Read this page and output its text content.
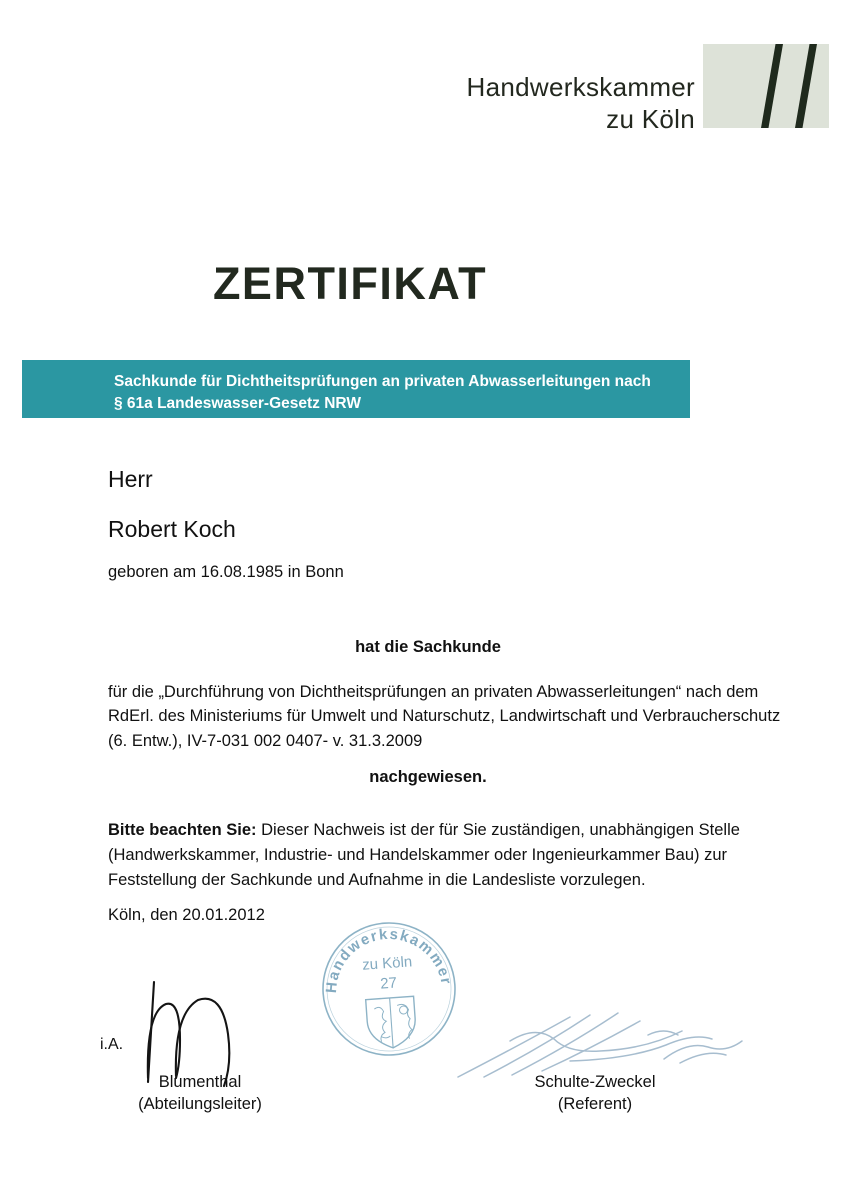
Handwerkskammer
zu Köln
ZERTIFIKAT
Sachkunde für Dichtheitsprüfungen an privaten Abwasserleitungen nach
§ 61a Landeswasser-Gesetz NRW
Herr
Robert Koch
geboren am 16.08.1985 in Bonn
hat die Sachkunde
für die „Durchführung von Dichtheitsprüfungen an privaten Abwasserleitungen“ nach dem
RdErl. des Ministeriums für Umwelt und Naturschutz, Landwirtschaft und Verbraucherschutz
(6. Entw.), IV-7-031 002 0407- v. 31.3.2009
nachgewiesen.
Bitte beachten Sie: Dieser Nachweis ist der für Sie zuständigen, unabhängigen Stelle
(Handwerkskammer, Industrie- und Handelskammer oder Ingenieurkammer Bau) zur
Feststellung der Sachkunde und Aufnahme in die Landesliste vorzulegen.
Köln, den 20.01.2012
Handwerkskammer
zu Köln
27
i.A.
Blumenthal
(Abteilungsleiter)
Schulte-Zweckel
(Referent)
